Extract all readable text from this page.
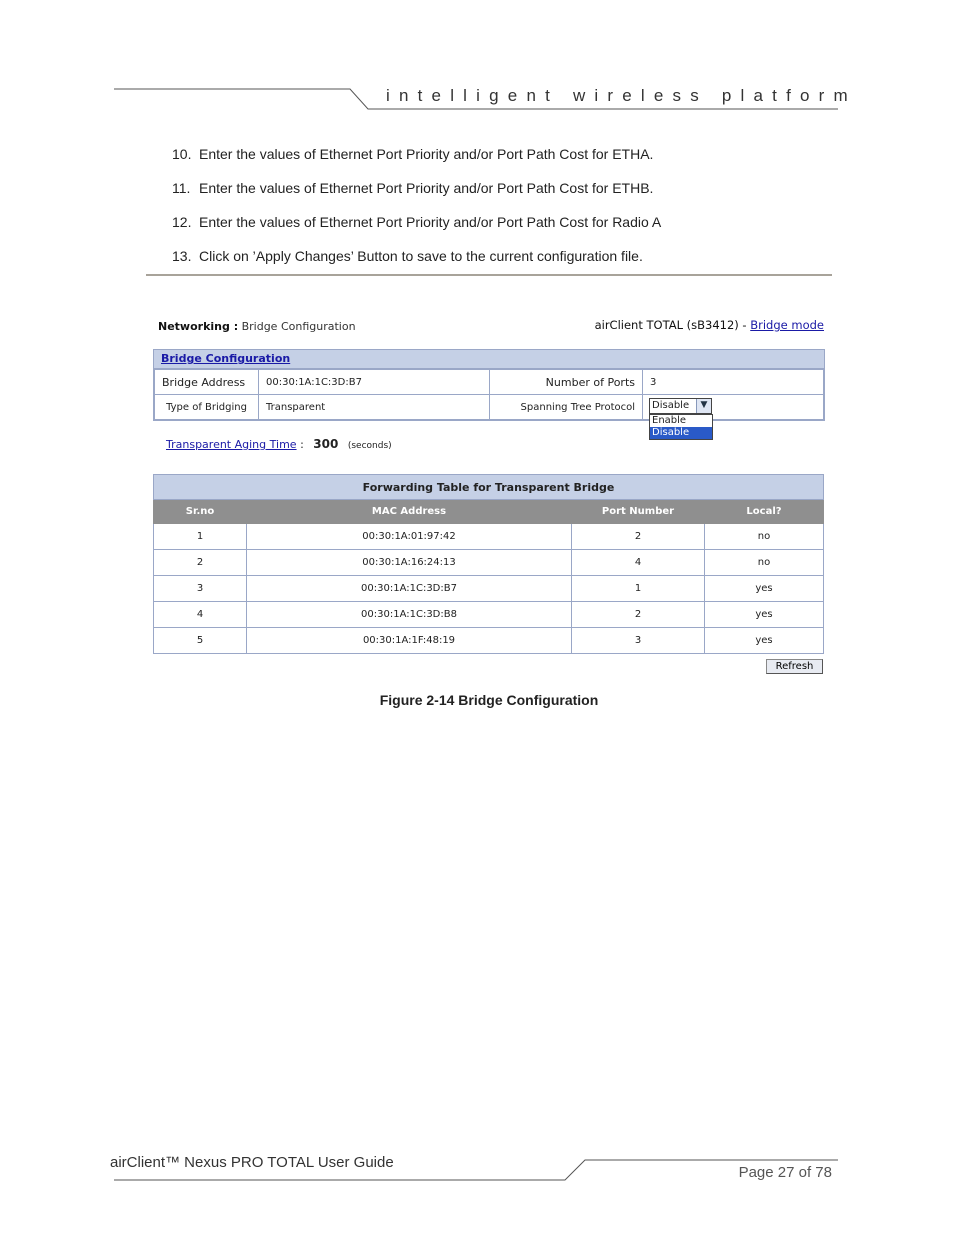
intelligent wireless platform
10. Enter the values of Ethernet Port Priority and/or Port Path Cost for ETHA.
11. Enter the values of Ethernet Port Priority and/or Port Path Cost for ETHB.
12. Enter the values of Ethernet Port Priority and/or Port Path Cost for Radio A
13. Click on ’Apply Changes’ Button to save to the current configuration file.
Networking : Bridge Configuration	airClient TOTAL (sB3412) - Bridge mode
Bridge Configuration
Bridge Address	00:30:1A:1C:3D:B7	Number of Ports	3
Type of Bridging	Transparent	Spanning Tree Protocol	Disable	▼
Enable
Disable
Transparent Aging Time : 300 (seconds)
Forwarding Table for Transparent Bridge			
Sr.no	MAC Address	Port Number	Local?
1	00:30:1A:01:97:42	2	no
2	00:30:1A:16:24:13	4	no
3	00:30:1A:1C:3D:B7	1	yes
4	00:30:1A:1C:3D:B8	2	yes
5	00:30:1A:1F:48:19	3	yes
Refresh
Figure 2-14 Bridge Configuration
airClient™ Nexus PRO TOTAL User Guide
Page 27 of 78
